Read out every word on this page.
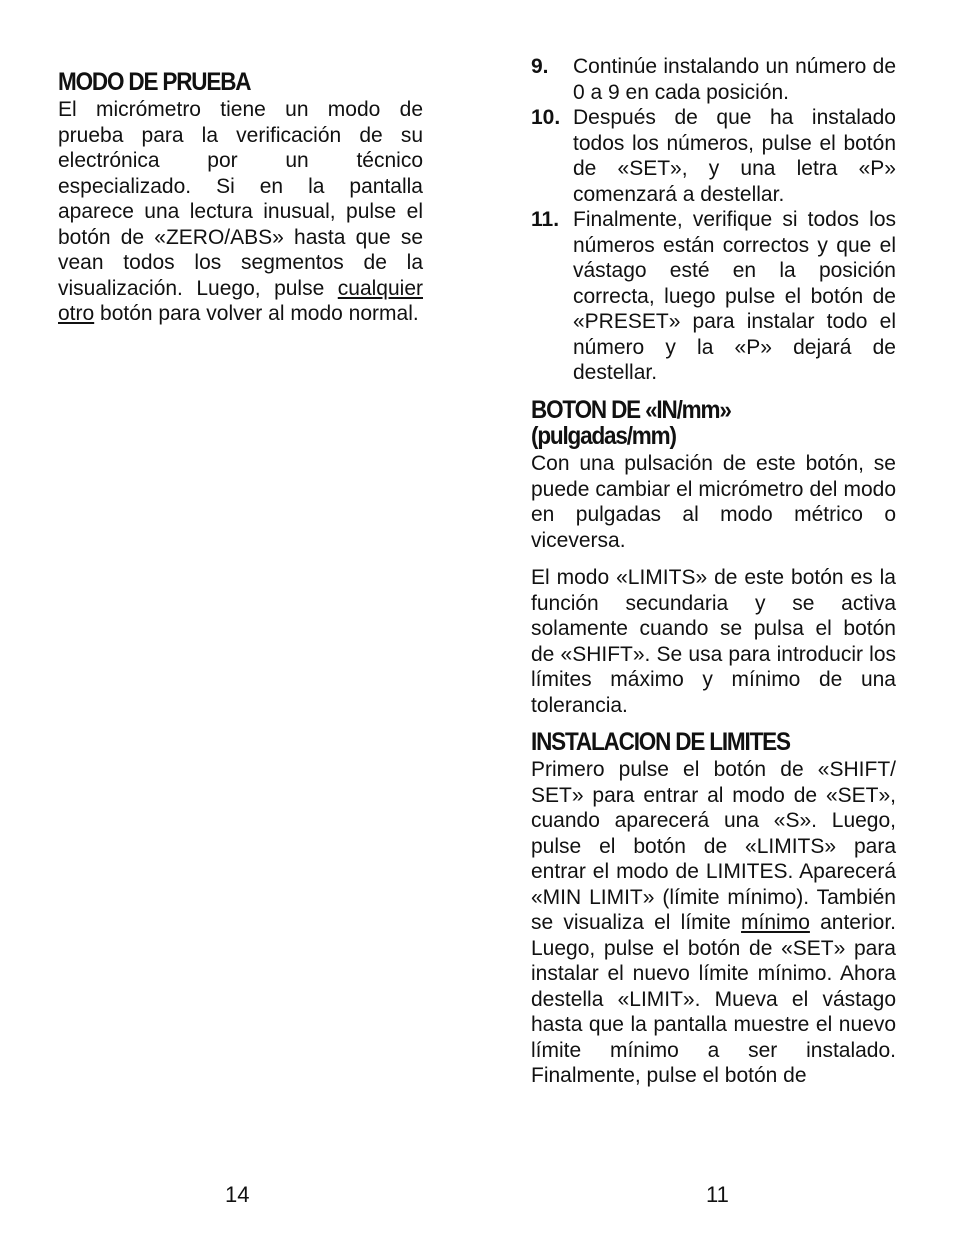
MODO DE PRUEBA

El micrómetro tiene un modo de prueba para la verificación de su electrónica por un técnico especializado. Si en la pantalla aparece una lectura inusual, pulse el botón de «ZERO/ABS» hasta que se vean todos los segmentos de la visualización. Luego, pulse cualquier otro botón para volver al modo normal.

9.	Continúe instalando un número de 0 a 9 en cada posición.
10. Después de que ha instalado todos los números, pulse el botón de «SET», y una letra «P» comenzará a destellar.
11. Finalmente, verifique si todos los números están correctos y que el vástago esté en la posición correcta, luego pulse el botón de «PRESET» para instalar todo el número y la «P» dejará de destellar.
BOTON DE «IN/mm»
(pulgadas/mm)

Con una pulsación de este botón, se puede cambiar el micrómetro del modo en pulgadas al modo métrico o viceversa.

El modo «LIMITS» de este botón es la función secundaria y se activa solamente cuando se pulsa el botón de «SHIFT». Se usa para introducir los límites máximo y mínimo de una tolerancia.

INSTALACION DE LIMITES

Primero pulse el botón de «SHIFT/ SET» para entrar al modo de «SET», cuando aparecerá una «S». Luego, pulse el botón de «LIMITS» para entrar el modo de LIMITES. Aparecerá «MIN LIMIT» (límite mínimo). También se visualiza el límite mínimo anterior. Luego, pulse el botón de «SET» para instalar el nuevo límite mínimo. Ahora destella «LIMIT». Mueva el vástago hasta que la pantalla muestre el nuevo límite mínimo a ser instalado. Finalmente, pulse el botón de

14	11
